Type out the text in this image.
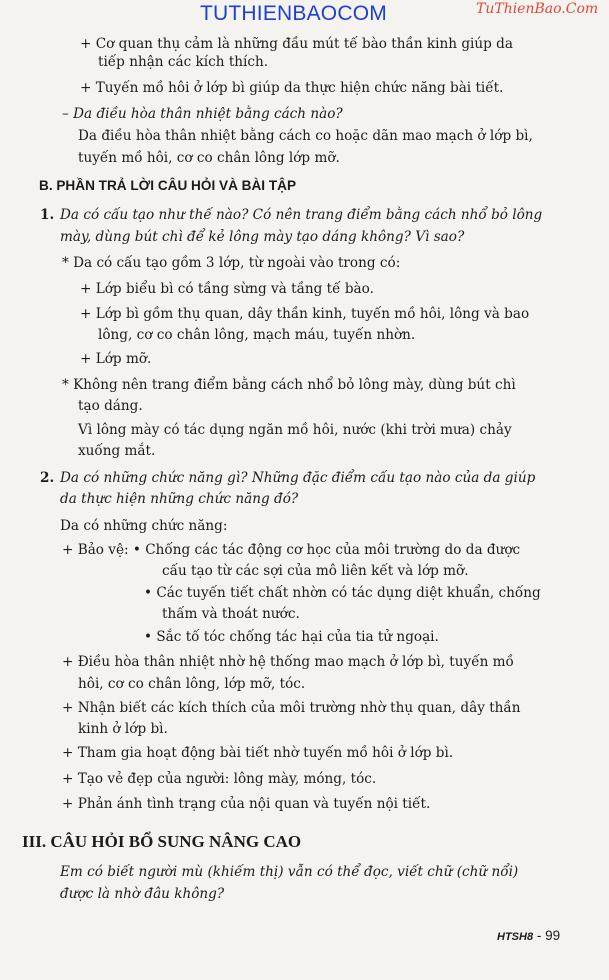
TUTHIENBAOCOM	TuThienBao.Com
+ Cơ quan thụ cảm là những đầu mút tế bào thần kinh giúp da
tiếp nhận các kích thích.
+ Tuyến mồ hôi ở lớp bì giúp da thực hiện chức năng bài tiết.
– Da điều hòa thân nhiệt bằng cách nào?
Da điều hòa thân nhiệt bằng cách co hoặc dãn mao mạch ở lớp bì,
tuyến mồ hôi, cơ co chân lông lớp mỡ.
B. PHẦN TRẢ LỜI CÂU HỎI VÀ BÀI TẬP
1. Da có cấu tạo như thế nào? Có nên trang điểm bằng cách nhổ bỏ lông
mày, dùng bút chì để kẻ lông mày tạo dáng không? Vì sao?
* Da có cấu tạo gồm 3 lớp, từ ngoài vào trong có:
+ Lớp biểu bì có tầng sừng và tầng tế bào.
+ Lớp bì gồm thụ quan, dây thần kinh, tuyến mồ hôi, lông và bao
lông, cơ co chân lông, mạch máu, tuyến nhờn.
+ Lớp mỡ.
* Không nên trang điểm bằng cách nhổ bỏ lông mày, dùng bút chì
tạo dáng.
Vì lông mày có tác dụng ngăn mồ hôi, nước (khi trời mưa) chảy
xuống mắt.
2. Da có những chức năng gì? Những đặc điểm cấu tạo nào của da giúp
da thực hiện những chức năng đó?
Da có những chức năng:
+ Bảo vệ: • Chống các tác động cơ học của môi trường do da được
cấu tạo từ các sợi của mô liên kết và lớp mỡ.
• Các tuyến tiết chất nhờn có tác dụng diệt khuẩn, chống
thấm và thoát nước.
• Sắc tố tóc chống tác hại của tia tử ngoại.
+ Điều hòa thân nhiệt nhờ hệ thống mao mạch ở lớp bì, tuyến mồ
hôi, cơ co chân lông, lớp mỡ, tóc.
+ Nhận biết các kích thích của môi trường nhờ thụ quan, dây thần
kinh ở lớp bì.
+ Tham gia hoạt động bài tiết nhờ tuyến mồ hôi ở lớp bì.
+ Tạo vẻ đẹp của người: lông mày, móng, tóc.
+ Phản ánh tình trạng của nội quan và tuyến nội tiết.
III. CÂU HỎI BỔ SUNG NÂNG CAO
Em có biết người mù (khiếm thị) vẫn có thể đọc, viết chữ (chữ nổi)
được là nhờ đâu không?
HTSH8 - 99
